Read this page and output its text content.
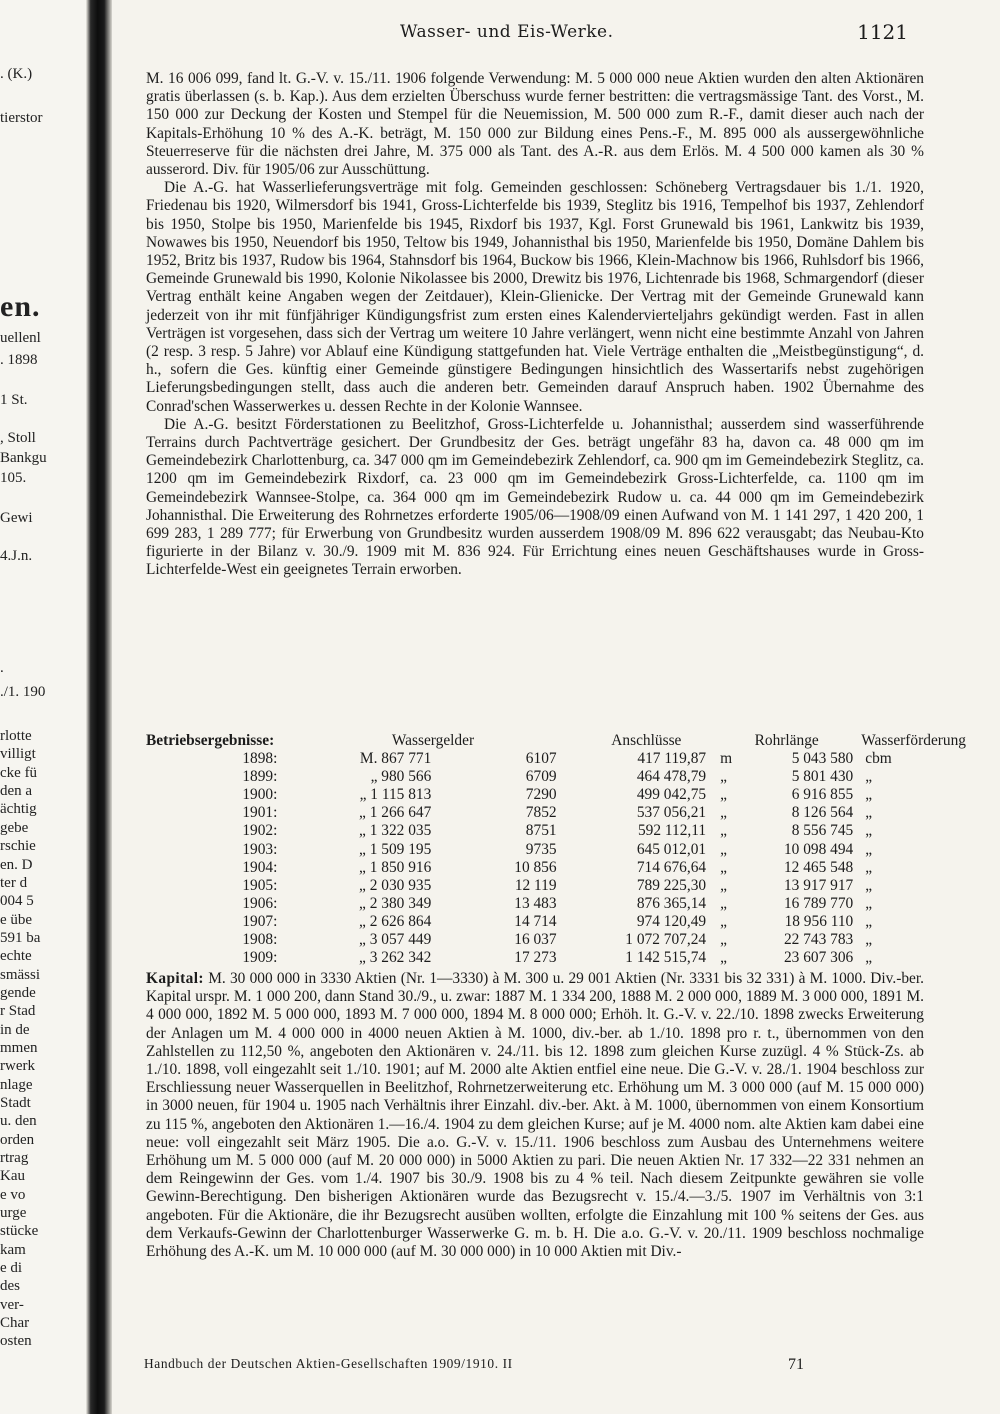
. (K.)
tierstor
en.
uellenl
. 1898
1 St.
, Stoll
Bankgu
105.
Gewi
4.J.n.
.
./1. 190
rlotte
villigt
cke fü
den a
ächtig
gebe
rschie
en. D
ter d
004 5
e übe
591 ba
echte
smässi
gende
r Stad
in de
mmen
rwerk
nlage
Stadt
u. den
orden
rtrag
Kau
e vo
urge
stücke
kam
e di
des
ver-
Char
osten
Wasser- und Eis-Werke.	1121

M. 16 006 099, fand lt. G.-V. v. 15./11. 1906 folgende Verwendung: M. 5 000 000 neue Aktien wurden den alten Aktionären gratis überlassen (s. b. Kap.). Aus dem erzielten Überschuss wurde ferner bestritten: die vertragsmässige Tant. des Vorst., M. 150 000 zur Deckung der Kosten und Stempel für die Neuemission, M. 500 000 zum R.-F., damit dieser auch nach der Kapitals-Erhöhung 10 % des A.-K. beträgt, M. 150 000 zur Bildung eines Pens.-F., M. 895 000 als aussergewöhnliche Steuerreserve für die nächsten drei Jahre, M. 375 000 als Tant. des A.-R. aus dem Erlös. M. 4 500 000 kamen als 30 % ausserord. Div. für 1905/06 zur Ausschüttung.

Die A.-G. hat Wasserlieferungsverträge mit folg. Gemeinden geschlossen: Schöneberg Vertragsdauer bis 1./1. 1920, Friedenau bis 1920, Wilmersdorf bis 1941, Gross-Lichterfelde bis 1939, Steglitz bis 1916, Tempelhof bis 1937, Zehlendorf bis 1950, Stolpe bis 1950, Marienfelde bis 1945, Rixdorf bis 1937, Kgl. Forst Grunewald bis 1961, Lankwitz bis 1939, Nowawes bis 1950, Neuendorf bis 1950, Teltow bis 1949, Johannisthal bis 1950, Marienfelde bis 1950, Domäne Dahlem bis 1952, Britz bis 1937, Rudow bis 1964, Stahnsdorf bis 1964, Buckow bis 1966, Klein-Machnow bis 1966, Ruhlsdorf bis 1966, Gemeinde Grunewald bis 1990, Kolonie Nikolassee bis 2000, Drewitz bis 1976, Lichtenrade bis 1968, Schmargendorf (dieser Vertrag enthält keine Angaben wegen der Zeitdauer), Klein-Glienicke. Der Vertrag mit der Gemeinde Grunewald kann jederzeit von ihr mit fünfjähriger Kündigungsfrist zum ersten eines Kalendervierteljahrs gekündigt werden. Fast in allen Verträgen ist vorgesehen, dass sich der Vertrag um weitere 10 Jahre verlängert, wenn nicht eine bestimmte Anzahl von Jahren (2 resp. 3 resp. 5 Jahre) vor Ablauf eine Kündigung stattgefunden hat. Viele Verträge enthalten die „Meistbegünstigung“, d. h., sofern die Ges. künftig einer Gemeinde günstigere Bedingungen hinsichtlich des Wassertarifs nebst zugehörigen Lieferungsbedingungen stellt, dass auch die anderen betr. Gemeinden darauf Anspruch haben. 1902 Übernahme des Conrad'schen Wasserwerkes u. dessen Rechte in der Kolonie Wannsee.

Die A.-G. besitzt Förderstationen zu Beelitzhof, Gross-Lichterfelde u. Johannisthal; ausserdem sind wasserführende Terrains durch Pachtverträge gesichert. Der Grundbesitz der Ges. beträgt ungefähr 83 ha, davon ca. 48 000 qm im Gemeindebezirk Charlottenburg, ca. 347 000 qm im Gemeindebezirk Zehlendorf, ca. 900 qm im Gemeindebezirk Steglitz, ca. 1200 qm im Gemeindebezirk Rixdorf, ca. 23 000 qm im Gemeindebezirk Gross-Lichterfelde, ca. 1100 qm im Gemeindebezirk Wannsee-Stolpe, ca. 364 000 qm im Gemeindebezirk Rudow u. ca. 44 000 qm im Gemeindebezirk Johannisthal. Die Erweiterung des Rohrnetzes erforderte 1905/06—1908/09 einen Aufwand von M. 1 141 297, 1 420 200, 1 699 283, 1 289 777; für Erwerbung von Grundbesitz wurden ausserdem 1908/09 M. 896 622 verausgabt; das Neubau-Kto figurierte in der Bilanz v. 30./9. 1909 mit M. 836 924. Für Errichtung eines neuen Geschäftshauses wurde in Gross-Lichterfelde-West ein geeignetes Terrain erworben.

Betriebsergebnisse:	Wassergelder		Anschlüsse	Rohrlänge		Wasserförderung
1898:	M. 867 771	6107	417 119,87	m	5 043 580	cbm
1899:	„ 980 566	6709	464 478,79	„	5 801 430	„
1900:	„ 1 115 813	7290	499 042,75	„	6 916 855	„
1901:	„ 1 266 647	7852	537 056,21	„	8 126 564	„
1902:	„ 1 322 035	8751	592 112,11	„	8 556 745	„
1903:	„ 1 509 195	9735	645 012,01	„	10 098 494	„
1904:	„ 1 850 916	10 856	714 676,64	„	12 465 548	„
1905:	„ 2 030 935	12 119	789 225,30	„	13 917 917	„
1906:	„ 2 380 349	13 483	876 365,14	„	16 789 770	„
1907:	„ 2 626 864	14 714	974 120,49	„	18 956 110	„
1908:	„ 3 057 449	16 037	1 072 707,24	„	22 743 783	„
1909:	„ 3 262 342	17 273	1 142 515,74	„	23 607 306	„

Kapital: M. 30 000 000 in 3330 Aktien (Nr. 1—3330) à M. 300 u. 29 001 Aktien (Nr. 3331 bis 32 331) à M. 1000. Div.-ber. Kapital urspr. M. 1 000 200, dann Stand 30./9., u. zwar: 1887 M. 1 334 200, 1888 M. 2 000 000, 1889 M. 3 000 000, 1891 M. 4 000 000, 1892 M. 5 000 000, 1893 M. 7 000 000, 1894 M. 8 000 000; Erhöh. lt. G.-V. v. 22./10. 1898 zwecks Erweiterung der Anlagen um M. 4 000 000 in 4000 neuen Aktien à M. 1000, div.-ber. ab 1./10. 1898 pro r. t., übernommen von den Zahlstellen zu 112,50 %, angeboten den Aktionären v. 24./11. bis 12. 1898 zum gleichen Kurse zuzügl. 4 % Stück-Zs. ab 1./10. 1898, voll eingezahlt seit 1./10. 1901; auf M. 2000 alte Aktien entfiel eine neue. Die G.-V. v. 28./1. 1904 beschloss zur Erschliessung neuer Wasserquellen in Beelitzhof, Rohrnetzerweiterung etc. Erhöhung um M. 3 000 000 (auf M. 15 000 000) in 3000 neuen, für 1904 u. 1905 nach Verhältnis ihrer Einzahl. div.-ber. Akt. à M. 1000, übernommen von einem Konsortium zu 115 %, angeboten den Aktionären 1.—16./4. 1904 zu dem gleichen Kurse; auf je M. 4000 nom. alte Aktien kam dabei eine neue: voll eingezahlt seit März 1905. Die a.o. G.-V. v. 15./11. 1906 beschloss zum Ausbau des Unternehmens weitere Erhöhung um M. 5 000 000 (auf M. 20 000 000) in 5000 Aktien zu pari. Die neuen Aktien Nr. 17 332—22 331 nehmen an dem Reingewinn der Ges. vom 1./4. 1907 bis 30./9. 1908 bis zu 4 % teil. Nach diesem Zeitpunkte gewähren sie volle Gewinn-Berechtigung. Den bisherigen Aktionären wurde das Bezugsrecht v. 15./4.—3./5. 1907 im Verhältnis von 3:1 angeboten. Für die Aktionäre, die ihr Bezugsrecht ausüben wollten, erfolgte die Einzahlung mit 100 % seitens der Ges. aus dem Verkaufs-Gewinn der Charlottenburger Wasserwerke G. m. b. H. Die a.o. G.-V. v. 20./11. 1909 beschloss nochmalige Erhöhung des A.-K. um M. 10 000 000 (auf M. 30 000 000) in 10 000 Aktien mit Div.-

Handbuch der Deutschen Aktien-Gesellschaften 1909/1910. II	71
